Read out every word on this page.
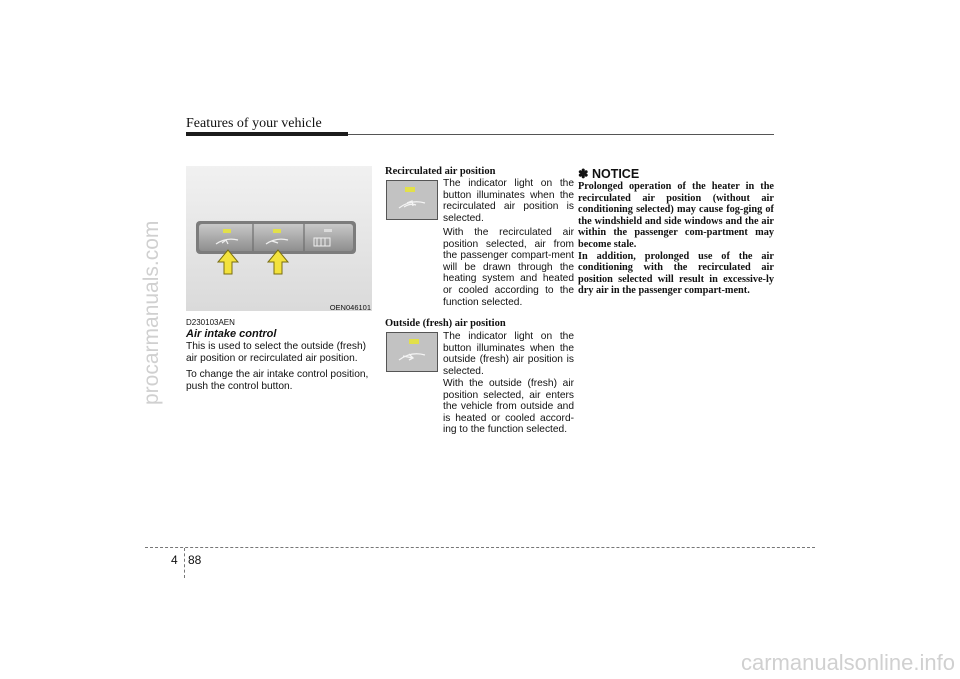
procarmanuals.com
Features of your vehicle
OEN046101
D230103AEN
Air intake control
This is used to select the outside (fresh) air position or recirculated air position.
To change the air intake control position, push the control button.
Recirculated air position
The indicator light on the button illuminates when the recirculated air position is selected.
With the recirculated air position selected, air from the passenger compart-ment will be drawn through the heating system and heated or cooled according to the function selected.
Outside (fresh) air position
The indicator light on the button illuminates when the outside (fresh) air position is selected.
With the outside (fresh) air position selected, air enters the vehicle from outside and is heated or cooled accord-ing to the function selected.
✽ NOTICE

Prolonged operation of the heater in the recirculated air position (without air conditioning selected) may cause fog-ging of the windshield and side windows and the air within the passenger com-partment may become stale.

In addition, prolonged use of the air conditioning with the recirculated air position selected will result in excessive-ly dry air in the passenger compart-ment.

4 88
carmanualsonline.info
